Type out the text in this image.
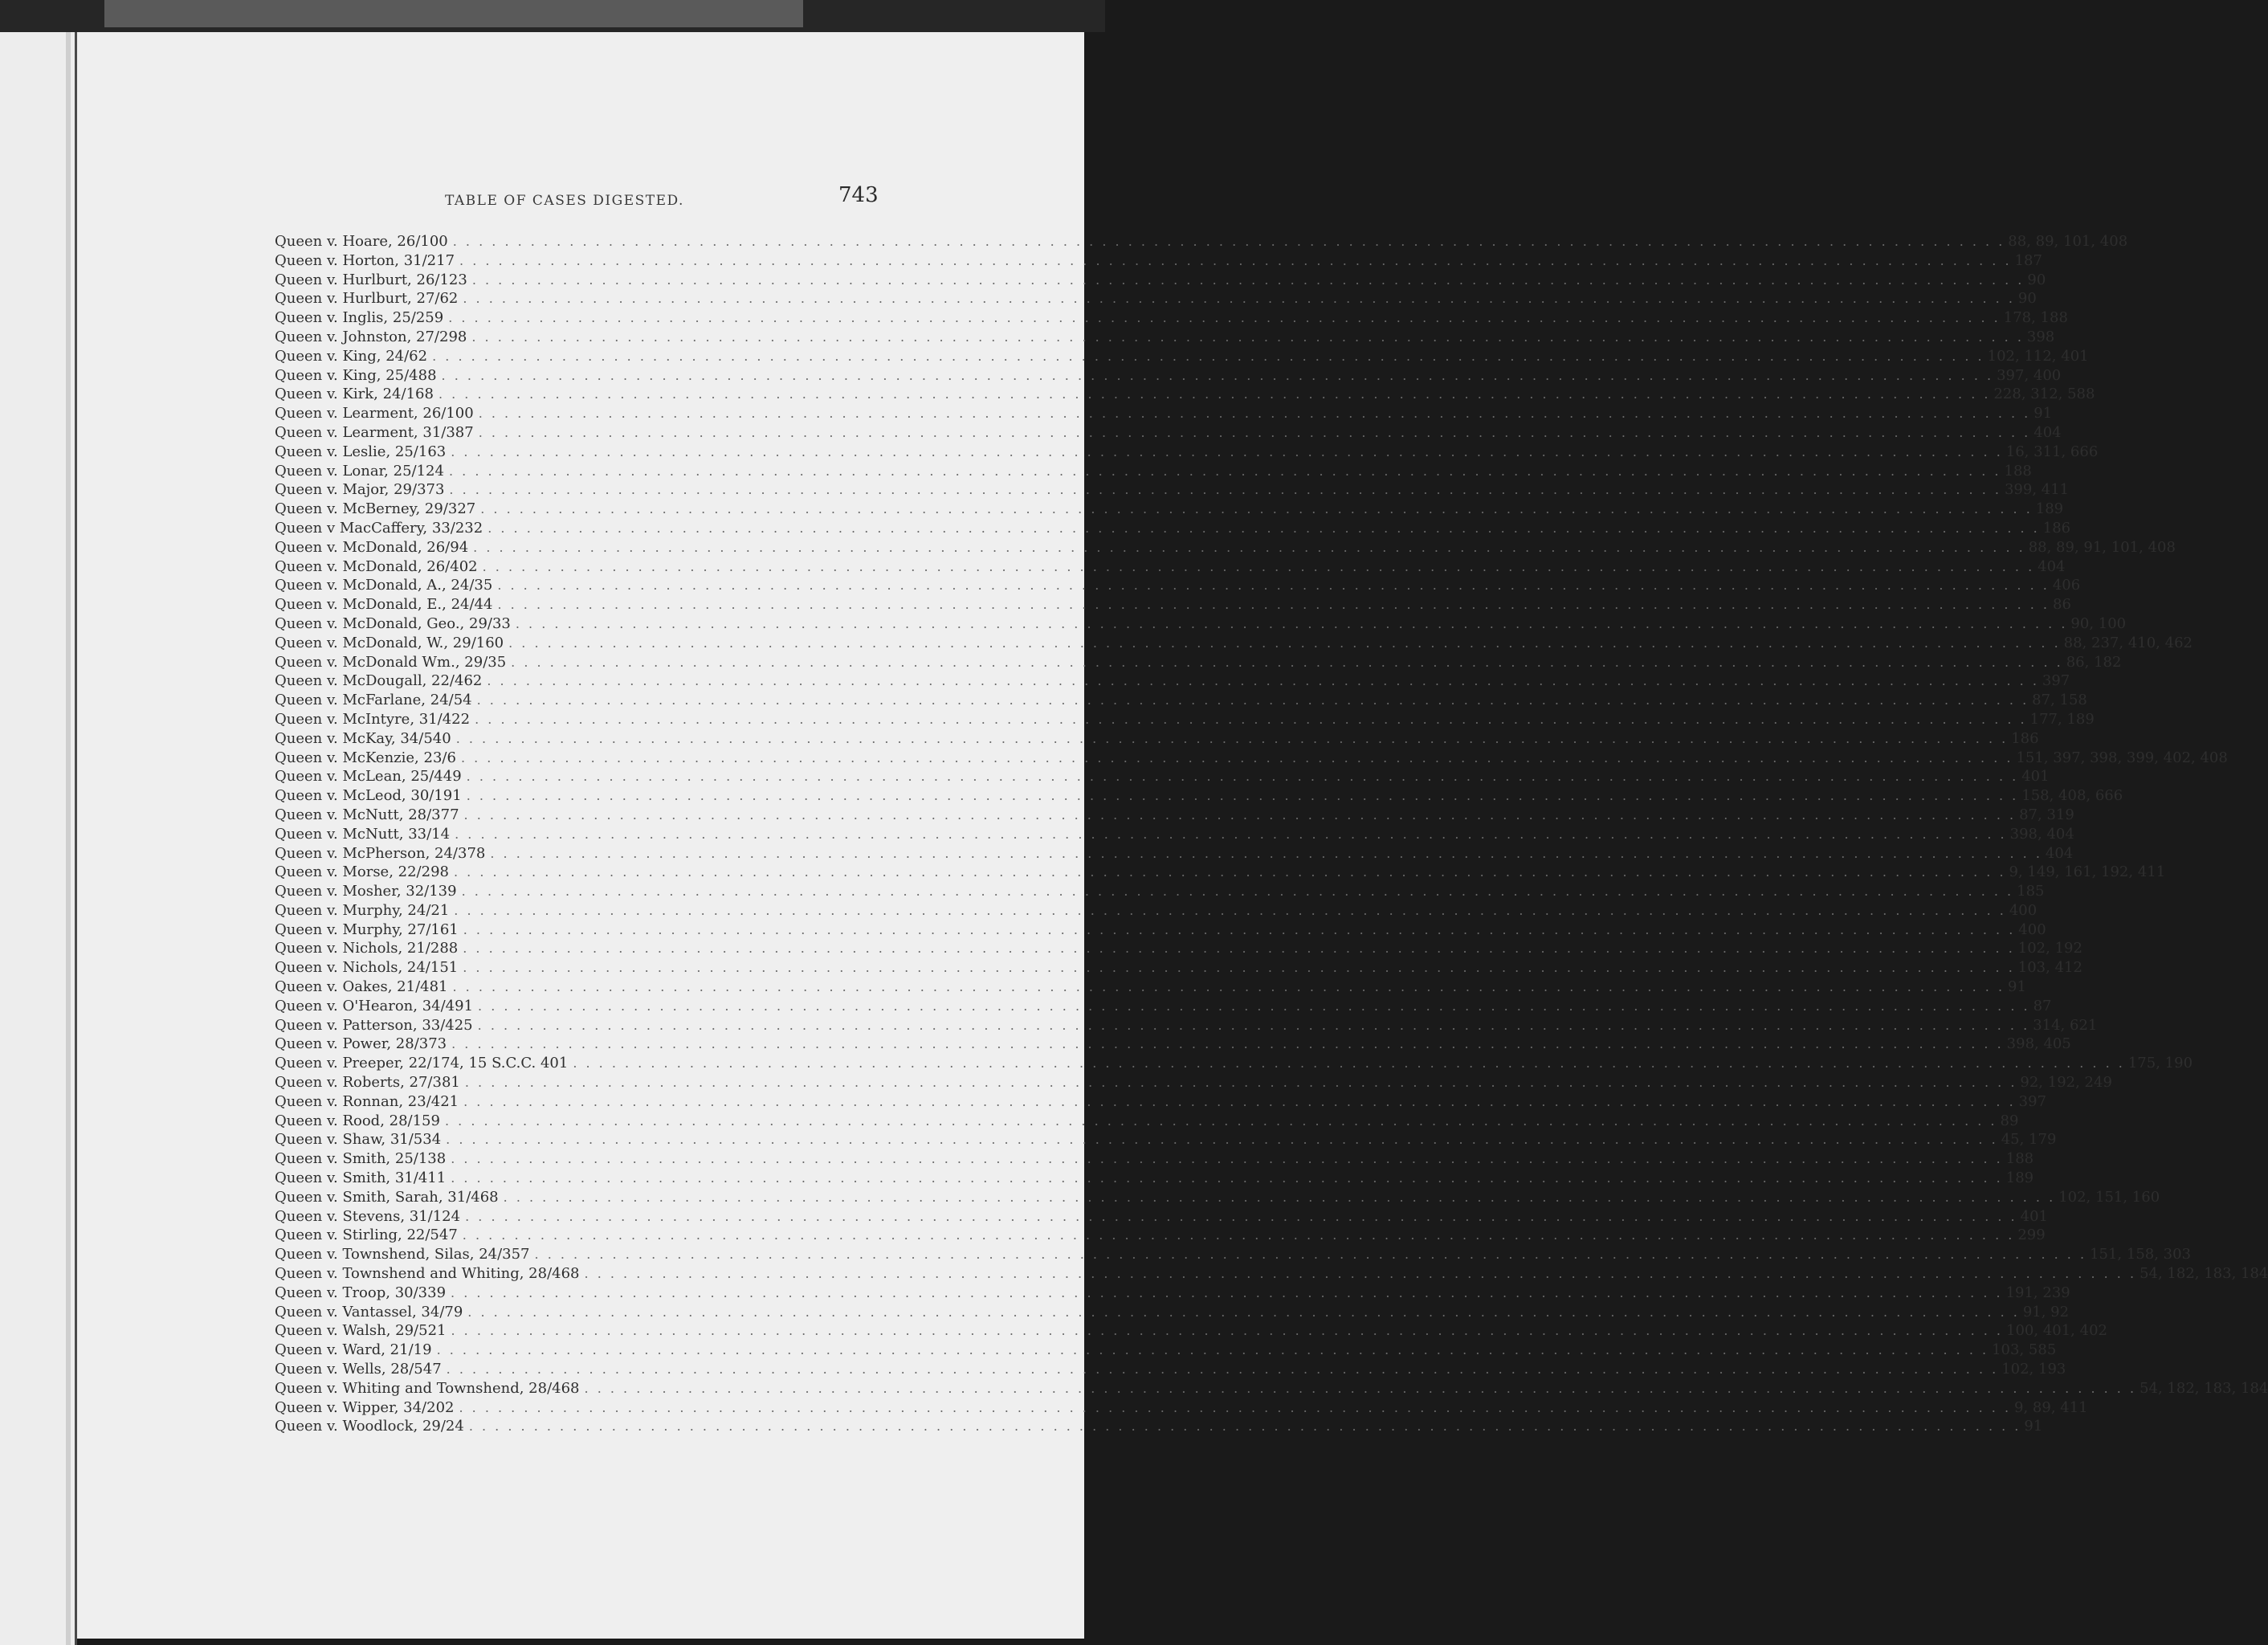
TABLE OF CASES DIGESTED.	743
Queen v. Hoare, 26/100 . . . . . . . . . . . . . . . . . . . . . . . . . . . . . . . . . . . . . . . . . . . . . . . . . . . . . . . . . . . . . . . . . . . . . . . . . . . . . . . . . . . . . . . . . . . . . . . . . . . . . . . . . . . . . . . . . . . . . . . . 88, 89, 101, 408
Queen v. Horton, 31/217 . . . . . . . . . . . . . . . . . . . . . . . . . . . . . . . . . . . . . . . . . . . . . . . . . . . . . . . . . . . . . . . . . . . . . . . . . . . . . . . . . . . . . . . . . . . . . . . . . . . . . . . . . . . . . . . . . . . . . . . . 187
Queen v. Hurlburt, 26/123 . . . . . . . . . . . . . . . . . . . . . . . . . . . . . . . . . . . . . . . . . . . . . . . . . . . . . . . . . . . . . . . . . . . . . . . . . . . . . . . . . . . . . . . . . . . . . . . . . . . . . . . . . . . . . . . . . . . . . . . . 90
Queen v. Hurlburt, 27/62 . . . . . . . . . . . . . . . . . . . . . . . . . . . . . . . . . . . . . . . . . . . . . . . . . . . . . . . . . . . . . . . . . . . . . . . . . . . . . . . . . . . . . . . . . . . . . . . . . . . . . . . . . . . . . . . . . . . . . . . . 90
Queen v. Inglis, 25/259 . . . . . . . . . . . . . . . . . . . . . . . . . . . . . . . . . . . . . . . . . . . . . . . . . . . . . . . . . . . . . . . . . . . . . . . . . . . . . . . . . . . . . . . . . . . . . . . . . . . . . . . . . . . . . . . . . . . . . . . . 178, 188
Queen v. Johnston, 27/298 . . . . . . . . . . . . . . . . . . . . . . . . . . . . . . . . . . . . . . . . . . . . . . . . . . . . . . . . . . . . . . . . . . . . . . . . . . . . . . . . . . . . . . . . . . . . . . . . . . . . . . . . . . . . . . . . . . . . . . . . 398
Queen v. King, 24/62 . . . . . . . . . . . . . . . . . . . . . . . . . . . . . . . . . . . . . . . . . . . . . . . . . . . . . . . . . . . . . . . . . . . . . . . . . . . . . . . . . . . . . . . . . . . . . . . . . . . . . . . . . . . . . . . . . . . . . . . . 102, 112, 401
Queen v. King, 25/488 . . . . . . . . . . . . . . . . . . . . . . . . . . . . . . . . . . . . . . . . . . . . . . . . . . . . . . . . . . . . . . . . . . . . . . . . . . . . . . . . . . . . . . . . . . . . . . . . . . . . . . . . . . . . . . . . . . . . . . . . 397, 400
Queen v. Kirk, 24/168 . . . . . . . . . . . . . . . . . . . . . . . . . . . . . . . . . . . . . . . . . . . . . . . . . . . . . . . . . . . . . . . . . . . . . . . . . . . . . . . . . . . . . . . . . . . . . . . . . . . . . . . . . . . . . . . . . . . . . . . . 228, 312, 588
Queen v. Learment, 26/100 . . . . . . . . . . . . . . . . . . . . . . . . . . . . . . . . . . . . . . . . . . . . . . . . . . . . . . . . . . . . . . . . . . . . . . . . . . . . . . . . . . . . . . . . . . . . . . . . . . . . . . . . . . . . . . . . . . . . . . . . 91
Queen v. Learment, 31/387 . . . . . . . . . . . . . . . . . . . . . . . . . . . . . . . . . . . . . . . . . . . . . . . . . . . . . . . . . . . . . . . . . . . . . . . . . . . . . . . . . . . . . . . . . . . . . . . . . . . . . . . . . . . . . . . . . . . . . . . . 404
Queen v. Leslie, 25/163 . . . . . . . . . . . . . . . . . . . . . . . . . . . . . . . . . . . . . . . . . . . . . . . . . . . . . . . . . . . . . . . . . . . . . . . . . . . . . . . . . . . . . . . . . . . . . . . . . . . . . . . . . . . . . . . . . . . . . . . . 16, 311, 666
Queen v. Lonar, 25/124 . . . . . . . . . . . . . . . . . . . . . . . . . . . . . . . . . . . . . . . . . . . . . . . . . . . . . . . . . . . . . . . . . . . . . . . . . . . . . . . . . . . . . . . . . . . . . . . . . . . . . . . . . . . . . . . . . . . . . . . . 188
Queen v. Major, 29/373 . . . . . . . . . . . . . . . . . . . . . . . . . . . . . . . . . . . . . . . . . . . . . . . . . . . . . . . . . . . . . . . . . . . . . . . . . . . . . . . . . . . . . . . . . . . . . . . . . . . . . . . . . . . . . . . . . . . . . . . . 399, 411
Queen v. McBerney, 29/327 . . . . . . . . . . . . . . . . . . . . . . . . . . . . . . . . . . . . . . . . . . . . . . . . . . . . . . . . . . . . . . . . . . . . . . . . . . . . . . . . . . . . . . . . . . . . . . . . . . . . . . . . . . . . . . . . . . . . . . . . 189
Queen v MacCaffery, 33/232 . . . . . . . . . . . . . . . . . . . . . . . . . . . . . . . . . . . . . . . . . . . . . . . . . . . . . . . . . . . . . . . . . . . . . . . . . . . . . . . . . . . . . . . . . . . . . . . . . . . . . . . . . . . . . . . . . . . . . . . . 186
Queen v. McDonald, 26/94 . . . . . . . . . . . . . . . . . . . . . . . . . . . . . . . . . . . . . . . . . . . . . . . . . . . . . . . . . . . . . . . . . . . . . . . . . . . . . . . . . . . . . . . . . . . . . . . . . . . . . . . . . . . . . . . . . . . . . . . . 88, 89, 91, 101, 408
Queen v. McDonald, 26/402 . . . . . . . . . . . . . . . . . . . . . . . . . . . . . . . . . . . . . . . . . . . . . . . . . . . . . . . . . . . . . . . . . . . . . . . . . . . . . . . . . . . . . . . . . . . . . . . . . . . . . . . . . . . . . . . . . . . . . . . . 404
Queen v. McDonald, A., 24/35 . . . . . . . . . . . . . . . . . . . . . . . . . . . . . . . . . . . . . . . . . . . . . . . . . . . . . . . . . . . . . . . . . . . . . . . . . . . . . . . . . . . . . . . . . . . . . . . . . . . . . . . . . . . . . . . . . . . . . . . . 406
Queen v. McDonald, E., 24/44 . . . . . . . . . . . . . . . . . . . . . . . . . . . . . . . . . . . . . . . . . . . . . . . . . . . . . . . . . . . . . . . . . . . . . . . . . . . . . . . . . . . . . . . . . . . . . . . . . . . . . . . . . . . . . . . . . . . . . . . . 86
Queen v. McDonald, Geo., 29/33 . . . . . . . . . . . . . . . . . . . . . . . . . . . . . . . . . . . . . . . . . . . . . . . . . . . . . . . . . . . . . . . . . . . . . . . . . . . . . . . . . . . . . . . . . . . . . . . . . . . . . . . . . . . . . . . . . . . . . . . . 90, 100
Queen v. McDonald, W., 29/160 . . . . . . . . . . . . . . . . . . . . . . . . . . . . . . . . . . . . . . . . . . . . . . . . . . . . . . . . . . . . . . . . . . . . . . . . . . . . . . . . . . . . . . . . . . . . . . . . . . . . . . . . . . . . . . . . . . . . . . . . 88, 237, 410, 462
Queen v. McDonald Wm., 29/35 . . . . . . . . . . . . . . . . . . . . . . . . . . . . . . . . . . . . . . . . . . . . . . . . . . . . . . . . . . . . . . . . . . . . . . . . . . . . . . . . . . . . . . . . . . . . . . . . . . . . . . . . . . . . . . . . . . . . . . . . 86, 182
Queen v. McDougall, 22/462 . . . . . . . . . . . . . . . . . . . . . . . . . . . . . . . . . . . . . . . . . . . . . . . . . . . . . . . . . . . . . . . . . . . . . . . . . . . . . . . . . . . . . . . . . . . . . . . . . . . . . . . . . . . . . . . . . . . . . . . . 397
Queen v. McFarlane, 24/54 . . . . . . . . . . . . . . . . . . . . . . . . . . . . . . . . . . . . . . . . . . . . . . . . . . . . . . . . . . . . . . . . . . . . . . . . . . . . . . . . . . . . . . . . . . . . . . . . . . . . . . . . . . . . . . . . . . . . . . . . 87, 158
Queen v. McIntyre, 31/422 . . . . . . . . . . . . . . . . . . . . . . . . . . . . . . . . . . . . . . . . . . . . . . . . . . . . . . . . . . . . . . . . . . . . . . . . . . . . . . . . . . . . . . . . . . . . . . . . . . . . . . . . . . . . . . . . . . . . . . . . 177, 189
Queen v. McKay, 34/540 . . . . . . . . . . . . . . . . . . . . . . . . . . . . . . . . . . . . . . . . . . . . . . . . . . . . . . . . . . . . . . . . . . . . . . . . . . . . . . . . . . . . . . . . . . . . . . . . . . . . . . . . . . . . . . . . . . . . . . . . 186
Queen v. McKenzie, 23/6 . . . . . . . . . . . . . . . . . . . . . . . . . . . . . . . . . . . . . . . . . . . . . . . . . . . . . . . . . . . . . . . . . . . . . . . . . . . . . . . . . . . . . . . . . . . . . . . . . . . . . . . . . . . . . . . . . . . . . . . . 151, 397, 398, 399, 402, 408
Queen v. McLean, 25/449 . . . . . . . . . . . . . . . . . . . . . . . . . . . . . . . . . . . . . . . . . . . . . . . . . . . . . . . . . . . . . . . . . . . . . . . . . . . . . . . . . . . . . . . . . . . . . . . . . . . . . . . . . . . . . . . . . . . . . . . . 401
Queen v. McLeod, 30/191 . . . . . . . . . . . . . . . . . . . . . . . . . . . . . . . . . . . . . . . . . . . . . . . . . . . . . . . . . . . . . . . . . . . . . . . . . . . . . . . . . . . . . . . . . . . . . . . . . . . . . . . . . . . . . . . . . . . . . . . . 158, 408, 666
Queen v. McNutt, 28/377 . . . . . . . . . . . . . . . . . . . . . . . . . . . . . . . . . . . . . . . . . . . . . . . . . . . . . . . . . . . . . . . . . . . . . . . . . . . . . . . . . . . . . . . . . . . . . . . . . . . . . . . . . . . . . . . . . . . . . . . . 87, 319
Queen v. McNutt, 33/14 . . . . . . . . . . . . . . . . . . . . . . . . . . . . . . . . . . . . . . . . . . . . . . . . . . . . . . . . . . . . . . . . . . . . . . . . . . . . . . . . . . . . . . . . . . . . . . . . . . . . . . . . . . . . . . . . . . . . . . . . 398, 404
Queen v. McPherson, 24/378 . . . . . . . . . . . . . . . . . . . . . . . . . . . . . . . . . . . . . . . . . . . . . . . . . . . . . . . . . . . . . . . . . . . . . . . . . . . . . . . . . . . . . . . . . . . . . . . . . . . . . . . . . . . . . . . . . . . . . . . . 404
Queen v. Morse, 22/298 . . . . . . . . . . . . . . . . . . . . . . . . . . . . . . . . . . . . . . . . . . . . . . . . . . . . . . . . . . . . . . . . . . . . . . . . . . . . . . . . . . . . . . . . . . . . . . . . . . . . . . . . . . . . . . . . . . . . . . . . 9, 149, 161, 192, 411
Queen v. Mosher, 32/139 . . . . . . . . . . . . . . . . . . . . . . . . . . . . . . . . . . . . . . . . . . . . . . . . . . . . . . . . . . . . . . . . . . . . . . . . . . . . . . . . . . . . . . . . . . . . . . . . . . . . . . . . . . . . . . . . . . . . . . . . 185
Queen v. Murphy, 24/21 . . . . . . . . . . . . . . . . . . . . . . . . . . . . . . . . . . . . . . . . . . . . . . . . . . . . . . . . . . . . . . . . . . . . . . . . . . . . . . . . . . . . . . . . . . . . . . . . . . . . . . . . . . . . . . . . . . . . . . . . 400
Queen v. Murphy, 27/161 . . . . . . . . . . . . . . . . . . . . . . . . . . . . . . . . . . . . . . . . . . . . . . . . . . . . . . . . . . . . . . . . . . . . . . . . . . . . . . . . . . . . . . . . . . . . . . . . . . . . . . . . . . . . . . . . . . . . . . . . 400
Queen v. Nichols, 21/288 . . . . . . . . . . . . . . . . . . . . . . . . . . . . . . . . . . . . . . . . . . . . . . . . . . . . . . . . . . . . . . . . . . . . . . . . . . . . . . . . . . . . . . . . . . . . . . . . . . . . . . . . . . . . . . . . . . . . . . . . 102, 192
Queen v. Nichols, 24/151 . . . . . . . . . . . . . . . . . . . . . . . . . . . . . . . . . . . . . . . . . . . . . . . . . . . . . . . . . . . . . . . . . . . . . . . . . . . . . . . . . . . . . . . . . . . . . . . . . . . . . . . . . . . . . . . . . . . . . . . . 103, 412
Queen v. Oakes, 21/481 . . . . . . . . . . . . . . . . . . . . . . . . . . . . . . . . . . . . . . . . . . . . . . . . . . . . . . . . . . . . . . . . . . . . . . . . . . . . . . . . . . . . . . . . . . . . . . . . . . . . . . . . . . . . . . . . . . . . . . . . 91
Queen v. O'Hearon, 34/491 . . . . . . . . . . . . . . . . . . . . . . . . . . . . . . . . . . . . . . . . . . . . . . . . . . . . . . . . . . . . . . . . . . . . . . . . . . . . . . . . . . . . . . . . . . . . . . . . . . . . . . . . . . . . . . . . . . . . . . . . 87
Queen v. Patterson, 33/425 . . . . . . . . . . . . . . . . . . . . . . . . . . . . . . . . . . . . . . . . . . . . . . . . . . . . . . . . . . . . . . . . . . . . . . . . . . . . . . . . . . . . . . . . . . . . . . . . . . . . . . . . . . . . . . . . . . . . . . . . 314, 621
Queen v. Power, 28/373 . . . . . . . . . . . . . . . . . . . . . . . . . . . . . . . . . . . . . . . . . . . . . . . . . . . . . . . . . . . . . . . . . . . . . . . . . . . . . . . . . . . . . . . . . . . . . . . . . . . . . . . . . . . . . . . . . . . . . . . . 398, 405
Queen v. Preeper, 22/174, 15 S.C.C. 401 . . . . . . . . . . . . . . . . . . . . . . . . . . . . . . . . . . . . . . . . . . . . . . . . . . . . . . . . . . . . . . . . . . . . . . . . . . . . . . . . . . . . . . . . . . . . . . . . . . . . . . . . . . . . . . . . . . . . . . . . 175, 190
Queen v. Roberts, 27/381 . . . . . . . . . . . . . . . . . . . . . . . . . . . . . . . . . . . . . . . . . . . . . . . . . . . . . . . . . . . . . . . . . . . . . . . . . . . . . . . . . . . . . . . . . . . . . . . . . . . . . . . . . . . . . . . . . . . . . . . . 92, 192, 249
Queen v. Ronnan, 23/421 . . . . . . . . . . . . . . . . . . . . . . . . . . . . . . . . . . . . . . . . . . . . . . . . . . . . . . . . . . . . . . . . . . . . . . . . . . . . . . . . . . . . . . . . . . . . . . . . . . . . . . . . . . . . . . . . . . . . . . . . 397
Queen v. Rood, 28/159 . . . . . . . . . . . . . . . . . . . . . . . . . . . . . . . . . . . . . . . . . . . . . . . . . . . . . . . . . . . . . . . . . . . . . . . . . . . . . . . . . . . . . . . . . . . . . . . . . . . . . . . . . . . . . . . . . . . . . . . . 89
Queen v. Shaw, 31/534 . . . . . . . . . . . . . . . . . . . . . . . . . . . . . . . . . . . . . . . . . . . . . . . . . . . . . . . . . . . . . . . . . . . . . . . . . . . . . . . . . . . . . . . . . . . . . . . . . . . . . . . . . . . . . . . . . . . . . . . . 45, 179
Queen v. Smith, 25/138 . . . . . . . . . . . . . . . . . . . . . . . . . . . . . . . . . . . . . . . . . . . . . . . . . . . . . . . . . . . . . . . . . . . . . . . . . . . . . . . . . . . . . . . . . . . . . . . . . . . . . . . . . . . . . . . . . . . . . . . . 188
Queen v. Smith, 31/411 . . . . . . . . . . . . . . . . . . . . . . . . . . . . . . . . . . . . . . . . . . . . . . . . . . . . . . . . . . . . . . . . . . . . . . . . . . . . . . . . . . . . . . . . . . . . . . . . . . . . . . . . . . . . . . . . . . . . . . . . 189
Queen v. Smith, Sarah, 31/468 . . . . . . . . . . . . . . . . . . . . . . . . . . . . . . . . . . . . . . . . . . . . . . . . . . . . . . . . . . . . . . . . . . . . . . . . . . . . . . . . . . . . . . . . . . . . . . . . . . . . . . . . . . . . . . . . . . . . . . . . 102, 151, 160
Queen v. Stevens, 31/124 . . . . . . . . . . . . . . . . . . . . . . . . . . . . . . . . . . . . . . . . . . . . . . . . . . . . . . . . . . . . . . . . . . . . . . . . . . . . . . . . . . . . . . . . . . . . . . . . . . . . . . . . . . . . . . . . . . . . . . . . 401
Queen v. Stirling, 22/547 . . . . . . . . . . . . . . . . . . . . . . . . . . . . . . . . . . . . . . . . . . . . . . . . . . . . . . . . . . . . . . . . . . . . . . . . . . . . . . . . . . . . . . . . . . . . . . . . . . . . . . . . . . . . . . . . . . . . . . . . 299
Queen v. Townshend, Silas, 24/357 . . . . . . . . . . . . . . . . . . . . . . . . . . . . . . . . . . . . . . . . . . . . . . . . . . . . . . . . . . . . . . . . . . . . . . . . . . . . . . . . . . . . . . . . . . . . . . . . . . . . . . . . . . . . . . . . . . . . . . . . 151, 158, 303
Queen v. Townshend and Whiting, 28/468 . . . . . . . . . . . . . . . . . . . . . . . . . . . . . . . . . . . . . . . . . . . . . . . . . . . . . . . . . . . . . . . . . . . . . . . . . . . . . . . . . . . . . . . . . . . . . . . . . . . . . . . . . . . . . . . . . . . . . . . . 54, 182, 183, 184
Queen v. Troop, 30/339 . . . . . . . . . . . . . . . . . . . . . . . . . . . . . . . . . . . . . . . . . . . . . . . . . . . . . . . . . . . . . . . . . . . . . . . . . . . . . . . . . . . . . . . . . . . . . . . . . . . . . . . . . . . . . . . . . . . . . . . . 191, 239
Queen v. Vantassel, 34/79 . . . . . . . . . . . . . . . . . . . . . . . . . . . . . . . . . . . . . . . . . . . . . . . . . . . . . . . . . . . . . . . . . . . . . . . . . . . . . . . . . . . . . . . . . . . . . . . . . . . . . . . . . . . . . . . . . . . . . . . . 91, 92
Queen v. Walsh, 29/521 . . . . . . . . . . . . . . . . . . . . . . . . . . . . . . . . . . . . . . . . . . . . . . . . . . . . . . . . . . . . . . . . . . . . . . . . . . . . . . . . . . . . . . . . . . . . . . . . . . . . . . . . . . . . . . . . . . . . . . . . 100, 401, 402
Queen v. Ward, 21/19 . . . . . . . . . . . . . . . . . . . . . . . . . . . . . . . . . . . . . . . . . . . . . . . . . . . . . . . . . . . . . . . . . . . . . . . . . . . . . . . . . . . . . . . . . . . . . . . . . . . . . . . . . . . . . . . . . . . . . . . . 103, 585
Queen v. Wells, 28/547 . . . . . . . . . . . . . . . . . . . . . . . . . . . . . . . . . . . . . . . . . . . . . . . . . . . . . . . . . . . . . . . . . . . . . . . . . . . . . . . . . . . . . . . . . . . . . . . . . . . . . . . . . . . . . . . . . . . . . . . . 102, 193
Queen v. Whiting and Townshend, 28/468 . . . . . . . . . . . . . . . . . . . . . . . . . . . . . . . . . . . . . . . . . . . . . . . . . . . . . . . . . . . . . . . . . . . . . . . . . . . . . . . . . . . . . . . . . . . . . . . . . . . . . . . . . . . . . . . . . . . . . . . . 54, 182, 183, 184
Queen v. Wipper, 34/202 . . . . . . . . . . . . . . . . . . . . . . . . . . . . . . . . . . . . . . . . . . . . . . . . . . . . . . . . . . . . . . . . . . . . . . . . . . . . . . . . . . . . . . . . . . . . . . . . . . . . . . . . . . . . . . . . . . . . . . . . 9, 89, 411
Queen v. Woodlock, 29/24 . . . . . . . . . . . . . . . . . . . . . . . . . . . . . . . . . . . . . . . . . . . . . . . . . . . . . . . . . . . . . . . . . . . . . . . . . . . . . . . . . . . . . . . . . . . . . . . . . . . . . . . . . . . . . . . . . . . . . . . . 91
